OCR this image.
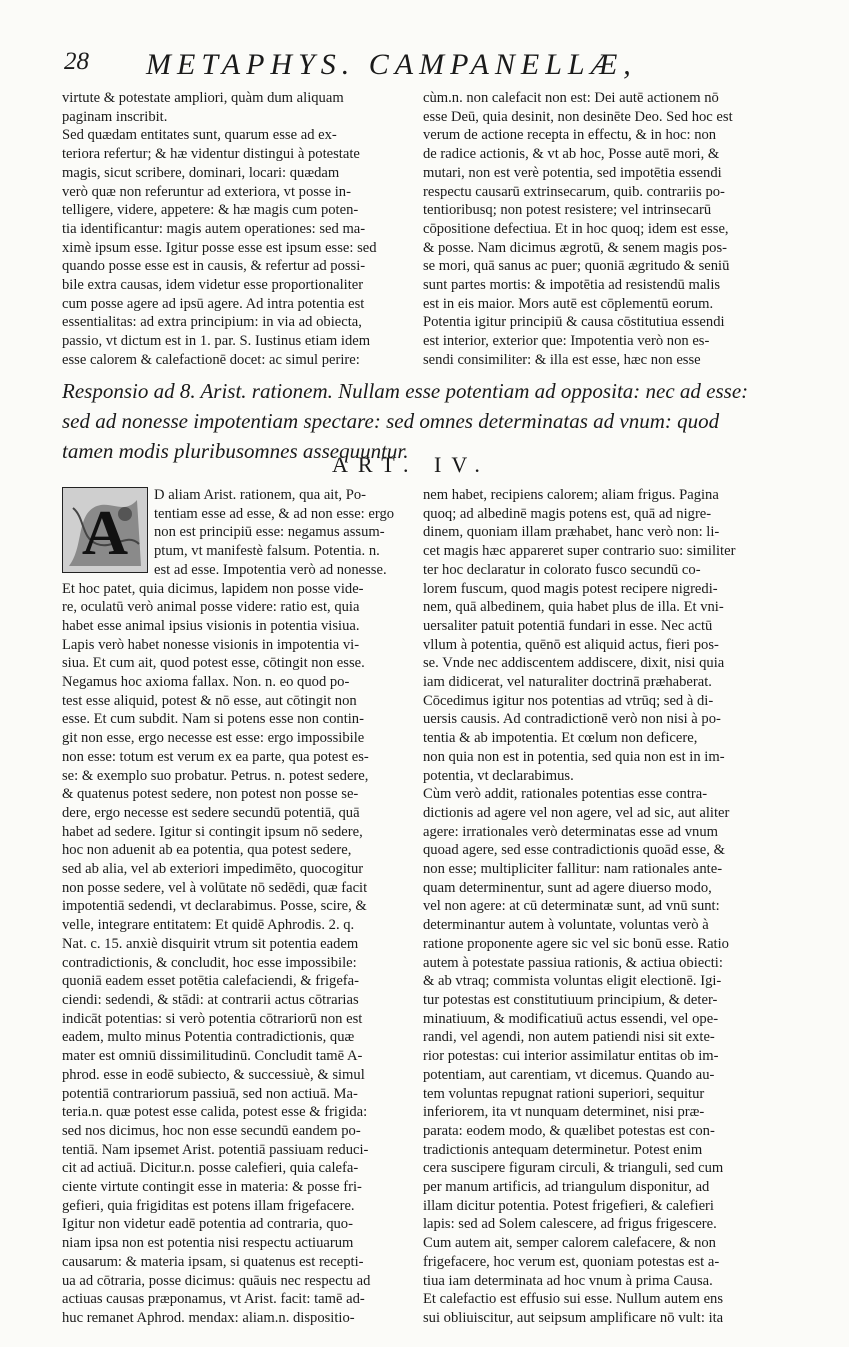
28 METAPHYS. CAMPANELLÆ,
virtute & potestate ampliori, quàm dum aliquam
paginam inscribit.
Sed quædam entitates sunt, quarum esse ad ex-
teriora refertur; & hæ videntur distingui à potestate
magis, sicut scribere, dominari, locari: quædam
verò quæ non referuntur ad exteriora, vt posse in-
telligere, videre, appetere: & hæ magis cum poten-
tia identificantur: magis autem operationes: sed ma-
ximè ipsum esse. Igitur posse esse est ipsum esse: sed
quando posse esse est in causis, & refertur ad possi-
bile extra causas, idem videtur esse proportionaliter
cum posse agere ad ipsū agere. Ad intra potentia est
essentialitas: ad extra principium: in via ad obiecta,
passio, vt dictum est in 1. par. S. Iustinus etiam idem
esse calorem & calefactionē docet: ac simul perire:
cùm.n. non calefacit non est: Dei autē actionem nō
esse Deū, quia desinit, non desinēte Deo. Sed hoc est
verum de actione recepta in effectu, & in hoc: non
de radice actionis, & vt ab hoc, Posse autē mori, &
mutari, non est verè potentia, sed impotētia essendi
respectu causarū extrinsecarum, quib. contrariis po-
tentioribusq; non potest resistere; vel intrinsecarū
cōpositione defectiua. Et in hoc quoq; idem est esse,
& posse. Nam dicimus ægrotū, & senem magis pos-
se mori, quā sanus ac puer; quoniā ægritudo & seniū
sunt partes mortis: & impotētia ad resistendū malis
est in eis maior. Mors autē est cōplementū eorum.
Potentia igitur principiū & causa cōstitutiua essendi
est interior, exterior que: Impotentia verò non es-
sendi consimiliter: & illa est esse, hæc non esse
Responsio ad 8. Arist. rationem. Nullam esse potentiam ad opposita: nec ad esse: sed ad nonesse impotentiam spectare: sed omnes determinatas ad vnum: quod tamen modis pluribusomnes assequuntur.
ART. IV.
A
D aliam Arist. rationem, qua ait, Po-
tentiam esse ad esse, & ad non esse: ergo
non est principiū esse: negamus assum-
ptum, vt manifestè falsum. Potentia. n.
est ad esse. Impotentia verò ad nonesse.
Et hoc patet, quia dicimus, lapidem non posse vide-
re, oculatū verò animal posse videre: ratio est, quia
habet esse animal ipsius visionis in potentia visiua.
Lapis verò habet nonesse visionis in impotentia vi-
siua. Et cum ait, quod potest esse, cōtingit non esse.
Negamus hoc axioma fallax. Non. n. eo quod po-
test esse aliquid, potest & nō esse, aut cōtingit non
esse. Et cum subdit. Nam si potens esse non contin-
git non esse, ergo necesse est esse: ergo impossibile
non esse: totum est verum ex ea parte, qua potest es-
se: & exemplo suo probatur. Petrus. n. potest sedere,
& quatenus potest sedere, non potest non posse se-
dere, ergo necesse est sedere secundū potentiā, quā
habet ad sedere. Igitur si contingit ipsum nō sedere,
hoc non aduenit ab ea potentia, qua potest sedere,
sed ab alia, vel ab exteriori impedimēto, quocogitur
non posse sedere, vel à volūtate nō sedēdi, quæ facit
impotentiā sedendi, vt declarabimus. Posse, scire, &
velle, integrare entitatem: Et quidē Aphrodis. 2. q.
Nat. c. 15. anxiè disquirit vtrum sit potentia eadem
contradictionis, & concludit, hoc esse impossibile:
quoniā eadem esset potētia calefaciendi, & frigefa-
ciendi: sedendi, & stādi: at contrarii actus cōtrarias
indicāt potentias: si verò potentia cōtrariorū non est
eadem, multo minus Potentia contradictionis, quæ
mater est omniū dissimilitudinū. Concludit tamē A-
phrod. esse in eodē subiecto, & successiuè, & simul
potentiā contrariorum passiuā, sed non actiuā. Ma-
teria.n. quæ potest esse calida, potest esse & frigida:
sed nos dicimus, hoc non esse secundū eandem po-
tentiā. Nam ipsemet Arist. potentiā passiuam reduci-
cit ad actiuā. Dicitur.n. posse calefieri, quia calefa-
ciente virtute contingit esse in materia: & posse fri-
gefieri, quia frigiditas est potens illam frigefacere.
Igitur non videtur eadē potentia ad contraria, quo-
niam ipsa non est potentia nisi respectu actiuarum
causarum: & materia ipsam, si quatenus est recepti-
ua ad cōtraria, posse dicimus: quāuis nec respectu ad
actiuas causas præponamus, vt Arist. facit: tamē ad-
huc remanet Aphrod. mendax: aliam.n. dispositio-
nem habet, recipiens calorem; aliam frigus. Pagina
quoq; ad albedinē magis potens est, quā ad nigre-
dinem, quoniam illam præhabet, hanc verò non: li-
cet magis hæc appareret super contrario suo: similiter
ter hoc declaratur in colorato fusco secundū co-
lorem fuscum, quod magis potest recipere nigredi-
nem, quā albedinem, quia habet plus de illa. Et vni-
uersaliter patuit potentiā fundari in esse. Nec actū
vllum à potentia, quēnō est aliquid actus, fieri pos-
se. Vnde nec addiscentem addiscere, dixit, nisi quia
iam didicerat, vel naturaliter doctrinā præhaberat.
Cōcedimus igitur nos potentias ad vtrūq; sed à di-
uersis causis. Ad contradictionē verò non nisi à po-
tentia & ab impotentia. Et cœlum non deficere,
non quia non est in potentia, sed quia non est in im-
potentia, vt declarabimus.
Cùm verò addit, rationales potentias esse contra-
dictionis ad agere vel non agere, vel ad sic, aut aliter
agere: irrationales verò determinatas esse ad vnum
quoad agere, sed esse contradictionis quoād esse, &
non esse; multipliciter fallitur: nam rationales ante-
quam determinentur, sunt ad agere diuerso modo,
vel non agere: at cū determinatæ sunt, ad vnū sunt:
determinantur autem à voluntate, voluntas verò à
ratione proponente agere sic vel sic bonū esse. Ratio
autem à potestate passiua rationis, & actiua obiecti:
& ab vtraq; commista voluntas eligit electionē. Igi-
tur potestas est constitutiuum principium, & deter-
minatiuum, & modificatiuū actus essendi, vel ope-
randi, vel agendi, non autem patiendi nisi sit exte-
rior potestas: cui interior assimilatur entitas ob im-
potentiam, aut carentiam, vt dicemus. Quando au-
tem voluntas repugnat rationi superiori, sequitur
inferiorem, ita vt nunquam determinet, nisi præ-
parata: eodem modo, & quælibet potestas est con-
tradictionis antequam determinetur. Potest enim
cera suscipere figuram circuli, & trianguli, sed cum
per manum artificis, ad triangulum disponitur, ad
illam dicitur potentia. Potest frigefieri, & calefieri
lapis: sed ad Solem calescere, ad frigus frigescere.
Cum autem ait, semper calorem calefacere, & non
frigefacere, hoc verum est, quoniam potestas est a-
tiua iam determinata ad hoc vnum à prima Causa.
Et calefactio est effusio sui esse. Nullum autem ens
sui obliuiscitur, aut seipsum amplificare nō vult: ita
